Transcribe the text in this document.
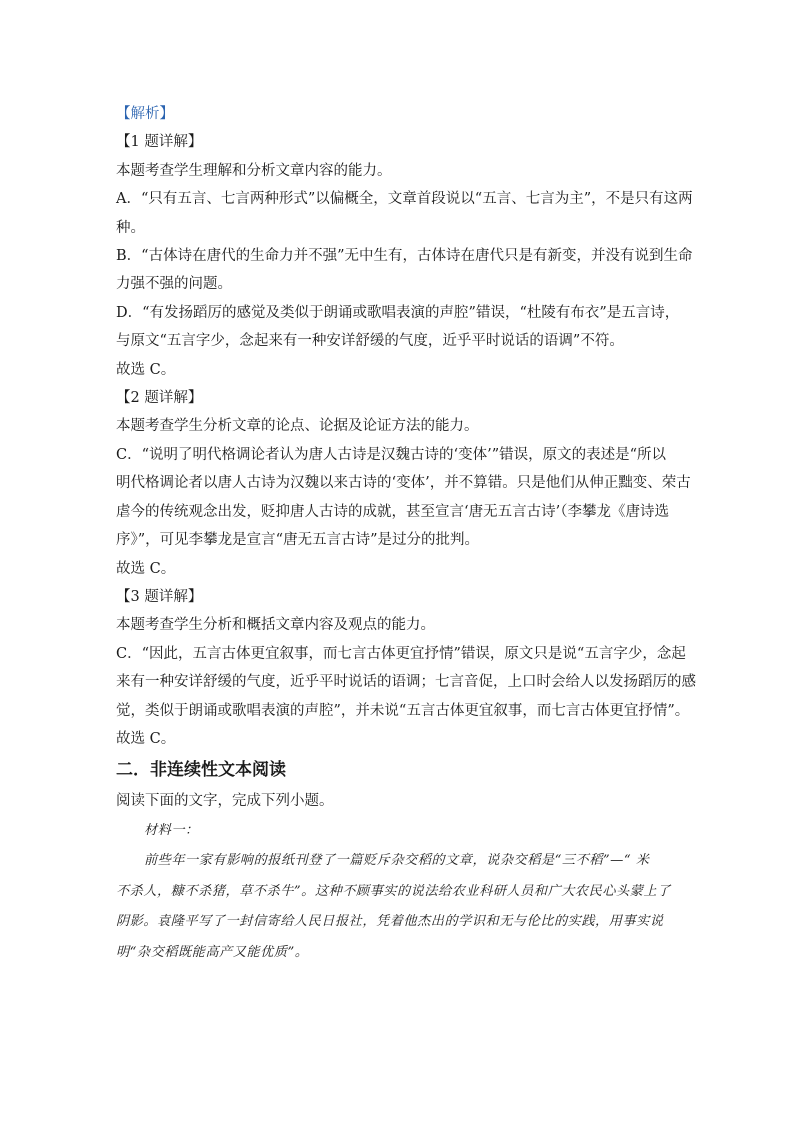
【解析】
【1 题详解】
本题考查学生理解和分析文章内容的能力。
A．“只有五言、七言两种形式”以偏概全，文章首段说以“五言、七言为主”，不是只有这两
种。
B．“古体诗在唐代的生命力并不强”无中生有，古体诗在唐代只是有新变，并没有说到生命
力强不强的问题。
D．“有发扬蹈厉的感觉及类似于朗诵或歌唱表演的声腔”错误，“杜陵有布衣”是五言诗，
与原文“五言字少，念起来有一种安详舒缓的气度，近乎平时说话的语调”不符。
故选 C。
【2 题详解】
本题考查学生分析文章的论点、论据及论证方法的能力。
C．“说明了明代格调论者认为唐人古诗是汉魏古诗的‘变体’”错误，原文的表述是“所以
明代格调论者以唐人古诗为汉魏以来古诗的‘变体’，并不算错。只是他们从伸正黜变、荣古
虐今的传统观念出发，贬抑唐人古诗的成就，甚至宣言‘唐无五言古诗’（李攀龙《唐诗选
序》”，可见李攀龙是宣言“唐无五言古诗”是过分的批判。
故选 C。
【3 题详解】
本题考查学生分析和概括文章内容及观点的能力。
C．“因此，五言古体更宜叙事，而七言古体更宜抒情”错误，原文只是说“五言字少，念起
来有一种安详舒缓的气度，近乎平时说话的语调；七言音促，上口时会给人以发扬蹈厉的感
觉，类似于朗诵或歌唱表演的声腔”，并未说“五言古体更宜叙事，而七言古体更宜抒情”。
故选 C。
二．非连续性文本阅读
阅读下面的文字，完成下列小题。
材料一：
前些年一家有影响的报纸刊登了一篇贬斥杂交稻的文章，说杂交稻是“三不稻”—“ 米
不杀人，糠不杀猪，草不杀牛”。这种不顾事实的说法给农业科研人员和广大农民心头蒙上了
阴影。袁隆平写了一封信寄给人民日报社，凭着他杰出的学识和无与伦比的实践，用事实说
明“杂交稻既能高产又能优质”。
